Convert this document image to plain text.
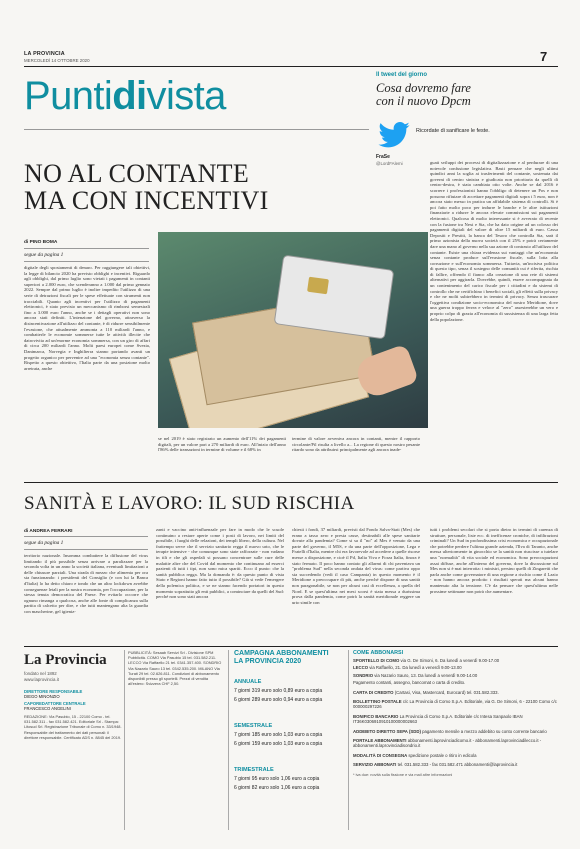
LA PROVINCIA
MERCOLEDÌ 14 OTTOBRE 2020	7
Puntidivista	Il tweet del giorno
Cosa dovremo fare
con il nuovo Dpcm
Ricordate di sanificare le feste.
FraSe
@LordFAlemi
NO AL CONTANTE
MA CON INCENTIVI
di PINO BOMA
segue da pagina 1
digitale degli spostamenti di denaro. Per raggiungere tali obiettivi, la legge di bilancio 2020 ha previsto obblighi e incentivi. Riguardo agli obblighi, dal primo luglio sono vietati i pagamenti in contanti superiori a 2.000 euro, che scenderanno a 1.000 dal primo gennaio 2022. Sempre dal primo luglio è inoltre impedito l'utilizzo di una serie di detrazioni fiscali per le spese effettuate con strumenti non tracciabili. Quanto agli incentivi per l'utilizzo di pagamenti elettronici, è stato previsto un meccanismo di rimborsi semestrali fino a 3.000 euro l'anno, anche se i dettagli operativi non sono ancora stati definiti. L'intenzione del governo, attraverso la disincentivazione all'utilizzo del contante, è di ridurre sensibilmente l'evasione, che attualmente ammonta a 110 miliardi l'anno, e combatterle le economie sommerse tutte le attività illecite che datrovivita ad un'enorme economia sommersa, con un giro di affari di circa 200 miliardi l'anno. Molti paesi europei come Svezia, Danimarca, Norvegia e Inghilterra stanno portando avanti un progetto organico per pervenire ad una "economia senza contante". Rispetto a questo obiettivo, l'Italia parte da una posizione molto arretrata, anche
se nel 2019 è stato registrato un aumento dell'11% dei pagamenti digitali, per un valore pari a 270 miliardi di euro. All'inizio dell'anno l'86% delle transazioni in termine di volume e il 68% in
termine di valore avveniva ancora in contanti, mentre il rapporto circolante/Pil risulta a livello a... La regione di questo nostro pesante ritardo sono da attribuirsi principalmente agli ancora inade-
guati sviluppi dei processi di digitalizzazione e al perdurare di una notevole confusione legislativa. Basti pensare che negli ultimi quindici anni la soglia ai trasferimenti del contante, sostenuta dai governi di centro sinistra e giudicata non prioritaria da quelli di centro-destra, è stata cambiata otto volte. Anche se dal 2016 è scorrere i professionisti hanno l'obbligo di detenere un Pos e non possono rifiutare di accettare pagamenti digitali sopra i 5 euro, non è ancora stato messo in pratica un affidabile sistema di controlli. Si è poi fatto molto poco per indurre le banche e le altre istituzioni finanziarie a ridurre le ancora elevate commissioni sui pagamenti elettronici. Qualcosa di molto interessante si è avverato di recente con la fusione tra Nexi e Sia, che ha dato origine ad un colosso dei pagamenti digitali del valore di oltre 15 miliardi di euro. Cassa Depositi e Prestiti, la banca del Tesoro che controlla Sia, sarà il primo azionista della nuova società con il 25% e potrà certamente dare una mano al governo nella sua azione di contrasto all'utilizzo del contante. Esiste una chiara evidenza sui vantaggi che un'economia senza contante produce sull'evasione fiscale, sulla lotta alla corruzione e sull'economia sommersa. Tuttavia, un'incisiva politica di questo tipo, senza il sostegno delle comunità cui è riferita, rischia di fallire, offrendo il fianco alla creazione di una rete di sistemi alternativi per aggirarla. Dovrebbe, quindi, essere accompagnata da un contenimento del carico fiscale per i cittadini e da sistemi di controllo che ne certifichino i benefici sociali, gli effetti sulla privacy e che ne molti subirebbero in termini di privacy. Senza trascurare l'oggettiva condizione socio-economica del nostro Meridione, dove una guerra troppo ferrea e veloce al "zero" assesterebbe un vero e proprio colpo di grazia all'economia di sussistenza di una larga fetta della popolazione.
SANITÀ E LAVORO: IL SUD RISCHIA
di ANDREA FERRARI
segue da pagina 1
territorio nazionale. Insomma combattere la diffusione del virus limitando il più possibile senza arrivare a paralizzare per la seconda volta in un anno la società italiana, eventuali limitazioni a delle chiusure parziali. Una strada di mezzo che alimenta per ora sta funzionando: i presidenti del Consiglio (e con lui la Banca d'Italia) lo ha detto chiaro e tondo che un altro lockdown avrebbe conseguenze letali per la nostra economia, per l'occupazione, per la stessa tenuta democratica del Paese. Per evitarlo occorre che ognuno rimanga a qualcosa, anche alle fonte di complicanza sulla partita di calcetto per dire, e che tutti mantengano alta la guardia con mascherine, gel igieniz-
zanti e vaccino anti-influenzale per fare in modo che le scuole continuino a restare aperte come i posti di lavoro, nei limiti del possibile, i luoghi delle relazioni, dei templi libero, della cultura. Nel frattempo serve che il servizio sanitario regga il nuovo urto, che le terapie intensive - che comunque sono state rafforzate - non vadano in tilt e che gli ospedali si possano concentrare sulle cure delle malattie altre che del Covid dal momento che continuano ad esserci pazienti di tutti i tipi, non sono mica spariti. Ecco il punto: che la sanità pubblica regga. Ma la domanda è: da questo punto di vista Stato e Regioni hanno fatto tutto il possibile? Già si vede l'emergere della polemica politica, e se ne stanno facendo portatori in questo momento soprattutto gli enti pubblici, a cominciare da quelli del Sud: perché non sono stati ancora
chiesti i fondi, 37 miliardi, previsti dal Fondo Salva-Stati (Mes) che erano a tasso zero e presta casse, destinabili alle spese sanitarie dovute alla pandemia? Come si sa il "no" al Mes è venuto da una parte del governo, il M5S, e da una parte dell'opposizione, Lega e Fratelli d'Italia, mentre chi era favorevole ad accedere a quelle risorse messe a disposizione, e cioè il Pd, Italia Viva e Forza Italia, finora è stato fermato. Il poco hanno contato gli allarmi di chi paventava un "problema Sud" nella seconda ondata del virus: come partiva oppo sta succedendo (vedi il caso Campania) in questo momento è il Meridione a preoccupare di più, anche perché dispone di una sanità non paragonabile, se non per alcuni casi di eccellenza, a quella del Nord. E se quest'ultima nei mesi scorsi è stata messa a durissima prova dalla pandemia, come potrà la sanità meridionale reggere un urto simile con
tutti i problemi secolari che si porta dietro in termini di carenza di strutture, personale, liste ecc. di inefficenze croniche, di infiltrazioni criminali? Un Sud in profondissima crisi economica e occupazionale che potrebbe perdere l'ultima grande azienda, l'Ilva di Taranto, anche messa ulteriormente in ginocchio se la sanità non riuscisse a tutelare una "normalità" di vita sociale ed economica. Sono preoccupazioni assai diffuse, anche all'interno del governo, dove la discussione sul Mes non si è mai interrotta: i ministri, persino quelli di Zingaretti che parla anche come governatore di una regione a rischio come il Lazio - non hanno ancora prodotto i risultati sperati ma alcuni hanno mantenuto alta la tensione. C'è da pensare che quest'ultima nelle prossime settimane non potrà che aumentare.
La Provincia
fondato nel 1892
www.laprovincia.it
DIRETTORE RESPONSABILE
DIEGO MINONZIO
CAPOREDATTORE CENTRALE
FRANCESCO ANGELINI
REDAZIONE: Via Pasubio, 15 - 22100 Como - tel. 031.582.311 - fax 031.582.421. Editoriale Srl - Stampa: Litosud Srl. Registrazione Tribunale di Como n. 33/1948. Responsabile del trattamento dei dati personali: il direttore responsabile. Certificato ADS n. 8845 del 2019.
PUBBLICITÀ: Sesaab Servizi Srl - Divisione SPM Pubblicità. COMO Via Pasubio 15 tel. 031.582.211. LECCO Via Raffaello 21 tel. 0341.357.400. SONDRIO Via Nazario Sauro 13 tel. 0342.535.200. MILANO Via Turati 29 tel. 02.626.811. Condizioni di abbonamento disponibili presso gli sportelli. Prezzi di vendita all'estero: Svizzera CHF 2,50.
CAMPAGNA ABBONAMENTI
LA PROVINCIA 2020
ANNUALE
7 giorni 319 euro solo 0,89 euro a copia
6 giorni 289 euro solo 0,94 euro a copia
SEMESTRALE
7 giorni 185 euro solo 1,03 euro a copia
6 giorni 159 euro solo 1,03 euro a copia
TRIMESTRALE
7 giorni 95 euro solo 1,06 euro a copia
6 giorni 82 euro solo 1,06 euro a copia
COME ABBONARSI
SPORTELLO DI COMO via G. De Simoni, 6. Da lunedì a venerdì 9.00-17.00
LECCO via Raffaello, 21. Da lunedì a venerdì 9.00-13.00
SONDRIO via Nazario Sauro, 13. Da lunedì a venerdì 9.00-14.00
Pagamento contanti, assegno, bancomat o carta di credito.
CARTA DI CREDITO (Cartasi, Visa, Mastercard, Eurocard) tel. 031.582.333.
BOLLETTINO POSTALE c/c La Provincia di Como S.p.A. Editoriale, via G. De Simoni, 6 - 22100 Como c/c 000000297226
BONIFICO BANCARIO La Provincia di Como S.p.A. Editoriale c/c Intesa Sanpaolo IBAN IT36K0306910910100000002663
ADDEBITO DIRETTO SEPA (SDD) pagamento mensile a mezzo addebito su conto corrente bancario
PORTALE ABBONAMENTI abbonamenti.laprovinciadicomo.it - abbonamenti.laprovinciadilecco.it - abbonamenti.laprovinciadisondrio.it
MODALITÀ DI CONSEGNA spedizione postale o ritiro in edicola
SERVIZIO ABBONATI tel. 031.582.333 - fax 031.582.471 abbonamenti@laprovincia.it
* iva due: novità sulla fissione e via mail altre informazioni
